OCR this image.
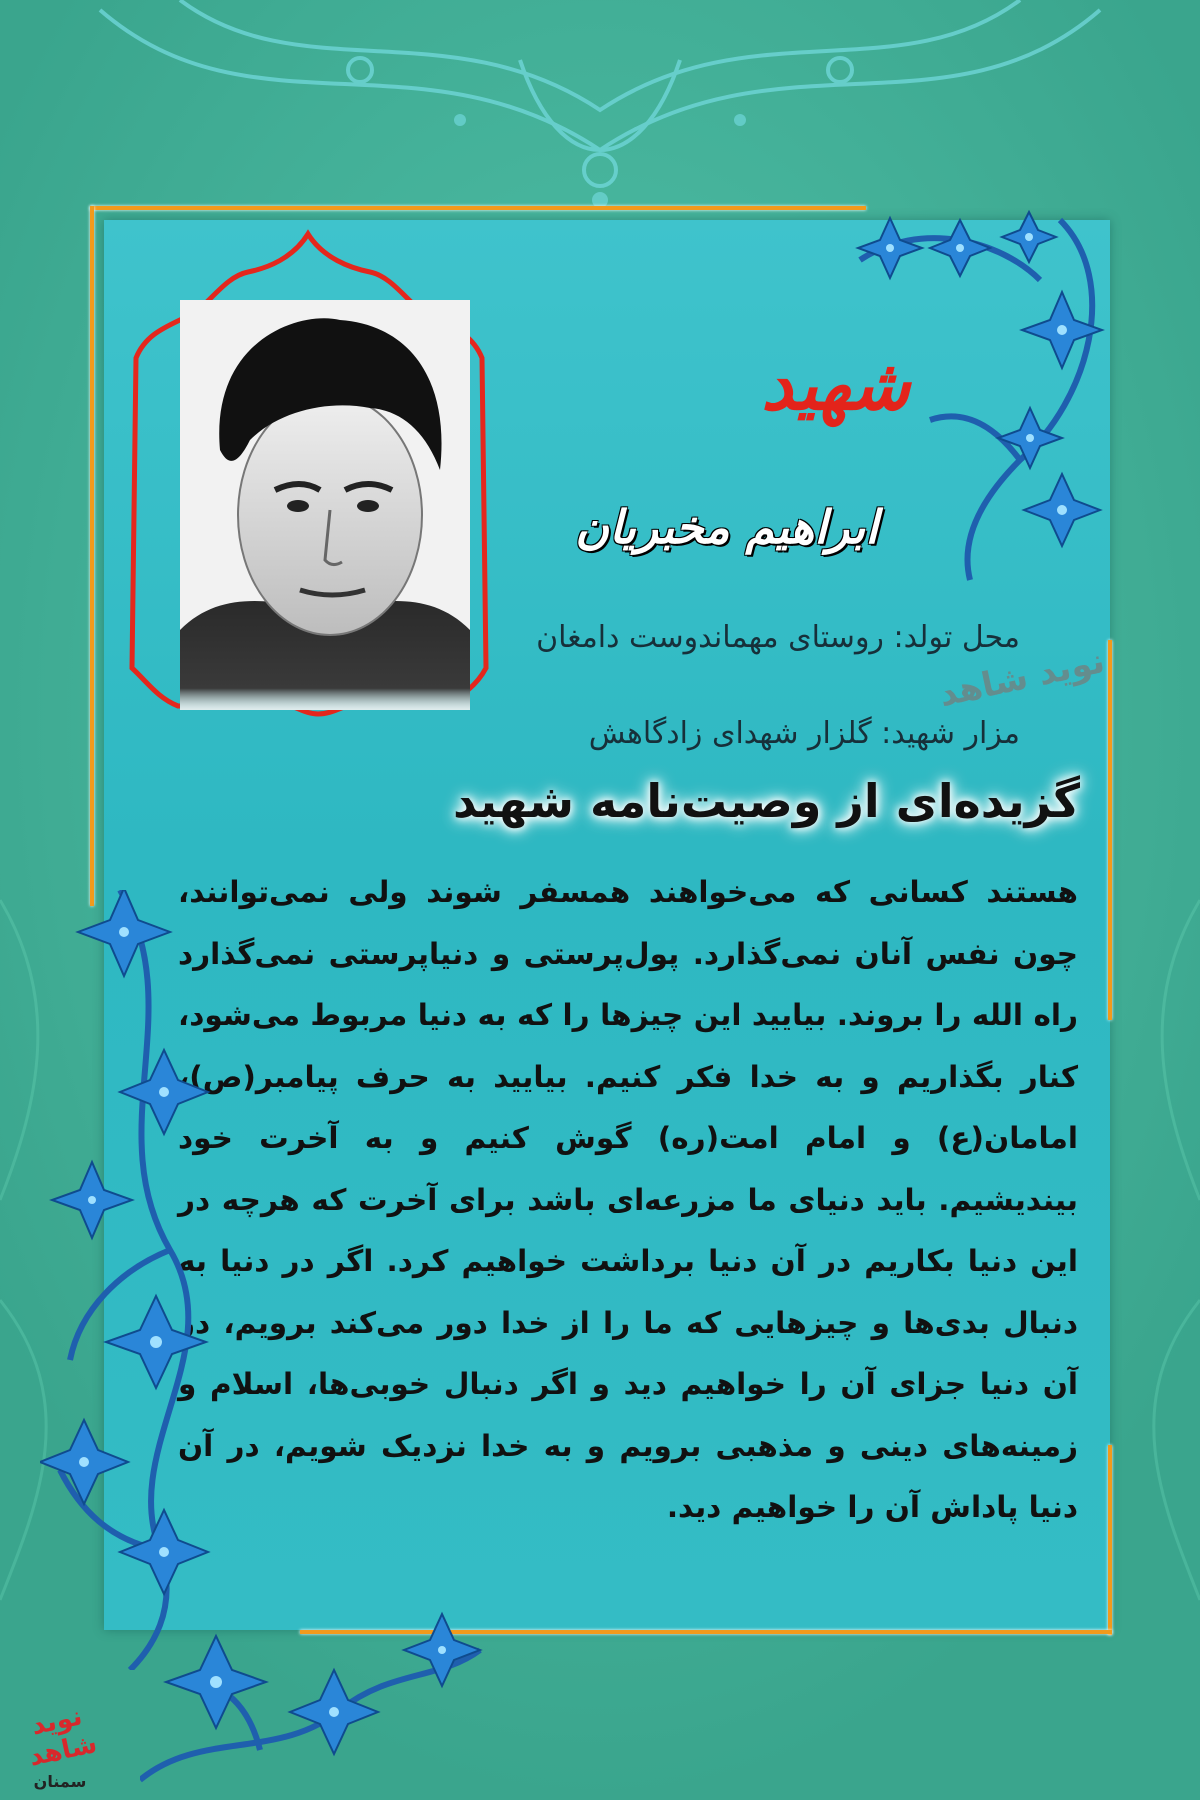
شهید
ابراهیم مخبریان
محل تولد: روستای مهماندوست دامغان
مزار شهید: گلزار شهدای زادگاهش
گزیده‌ای از وصیت‌نامه شهید
هستند کسانی که می‌خواهند همسفر شوند ولی نمی‌توانند، چون نفس آنان نمی‌گذارد. پول‌پرستی و دنیاپرستی نمی‌گذارد راه الله را بروند. بیایید این چیزها را که به دنیا مربوط می‌شود، کنار بگذاریم و به خدا فکر کنیم. بیایید به حرف پیامبر(ص)، امامان(ع) و امام امت(ره) گوش کنیم و به آخرت خود بیندیشیم. باید دنیای ما مزرعه‌ای باشد برای آخرت که هرچه در این دنیا بکاریم در آن دنیا برداشت خواهیم کرد. اگر در دنیا به دنبال بدی‌ها و چیزهایی که ما را از خدا دور می‌کند برویم، در آن دنیا جزای آن را خواهیم دید و اگر دنبال خوبی‌ها، اسلام و زمینه‌های دینی و مذهبی برویم و به خدا نزدیک شویم، در آن دنیا پاداش آن را خواهیم دید.
نوید شاهد
نوید شاهد
سمنان
